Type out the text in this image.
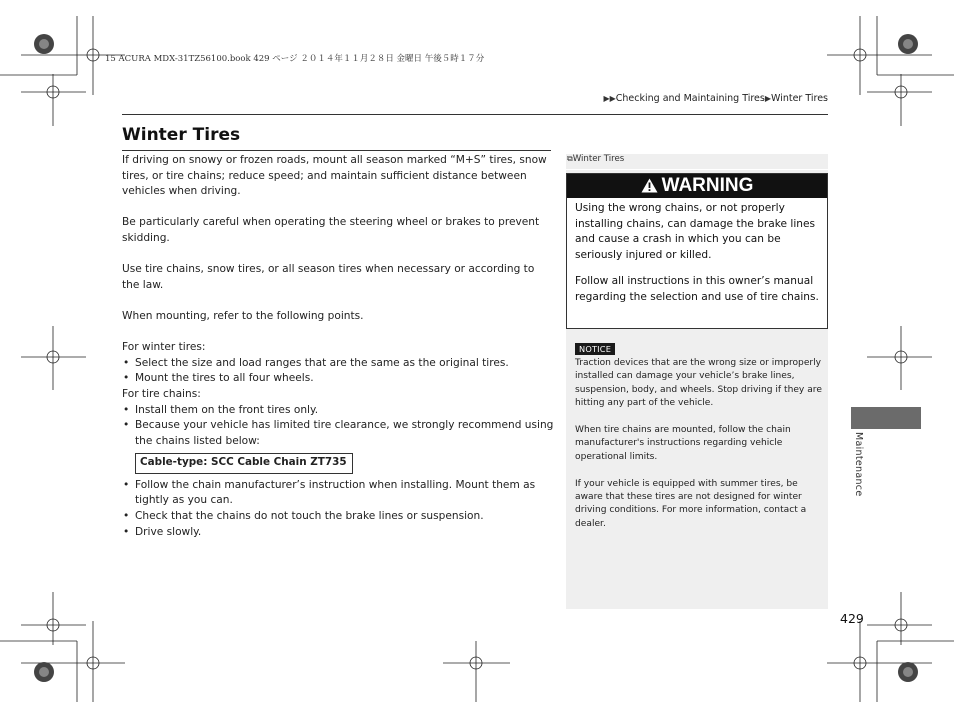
15 ACURA MDX-31TZ56100.book 429 ページ ２０１４年１１月２８日 金曜日 午後５時１７分
▶▶Checking and Maintaining Tires▶Winter Tires
Winter Tires

If driving on snowy or frozen roads, mount all season marked “M+S” tires, snow tires, or tire chains; reduce speed; and maintain sufficient distance between vehicles when driving.

Be particularly careful when operating the steering wheel or brakes to prevent skidding.

Use tire chains, snow tires, or all season tires when necessary or according to the law.

When mounting, refer to the following points.

For winter tires:

• Select the size and load ranges that are the same as the original tires.
• Mount the tires to all four wheels.

For tire chains:

• Install them on the front tires only.
• Because your vehicle has limited tire clearance, we strongly recommend using the chains listed below:
Cable-type: SCC Cable Chain ZT735
• Follow the chain manufacturer’s instruction when installing. Mount them as tightly as you can.
• Check that the chains do not touch the brake lines or suspension.
• Drive slowly.
⧉Winter Tires
WARNING

Using the wrong chains, or not properly installing chains, can damage the brake lines and cause a crash in which you can be seriously injured or killed.

Follow all instructions in this owner’s manual regarding the selection and use of tire chains.

NOTICE

Traction devices that are the wrong size or improperly installed can damage your vehicle’s brake lines, suspension, body, and wheels. Stop driving if they are hitting any part of the vehicle.

When tire chains are mounted, follow the chain manufacturer's instructions regarding vehicle operational limits.

If your vehicle is equipped with summer tires, be aware that these tires are not designed for winter driving conditions. For more information, contact a dealer.

Maintenance
429
